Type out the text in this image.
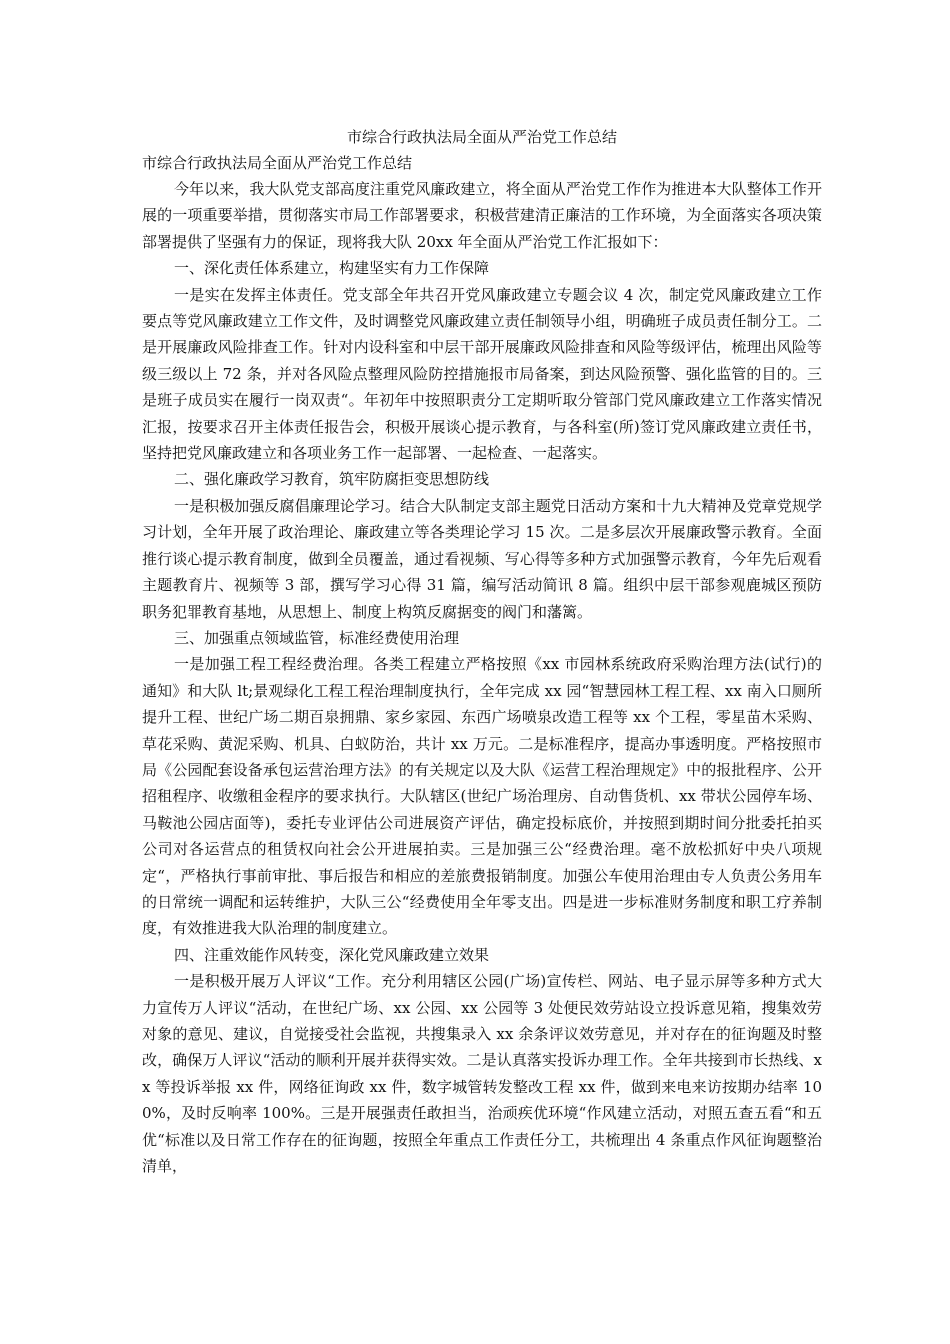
市综合行政执法局全面从严治党工作总结

市综合行政执法局全面从严治党工作总结

今年以来，我大队党支部高度注重党风廉政建立，将全面从严治党工作作为推进本大队整体工作开展的一项重要举措，贯彻落实市局工作部署要求，积极营建清正廉洁的工作环境，为全面落实各项决策部署提供了坚强有力的保证，现将我大队 20xx 年全面从严治党工作汇报如下：

一、深化责任体系建立，构建坚实有力工作保障

一是实在发挥主体责任。党支部全年共召开党风廉政建立专题会议 4 次，制定党风廉政建立工作要点等党风廉政建立工作文件，及时调整党风廉政建立责任制领导小组，明确班子成员责任制分工。二是开展廉政风险排查工作。针对内设科室和中层干部开展廉政风险排查和风险等级评估，梳理出风险等级三级以上 72 条，并对各风险点整理风险防控措施报市局备案，到达风险预警、强化监管的目的。三是班子成员实在履行一岗双责“。年初年中按照职责分工定期听取分管部门党风廉政建立工作落实情况汇报，按要求召开主体责任报告会，积极开展谈心提示教育，与各科室(所)签订党风廉政建立责任书，坚持把党风廉政建立和各项业务工作一起部署、一起检查、一起落实。

二、强化廉政学习教育，筑牢防腐拒变思想防线

一是积极加强反腐倡廉理论学习。结合大队制定支部主题党日活动方案和十九大精神及党章党规学习计划，全年开展了政治理论、廉政建立等各类理论学习 15 次。二是多层次开展廉政警示教育。全面推行谈心提示教育制度，做到全员覆盖，通过看视频、写心得等多种方式加强警示教育，今年先后观看主题教育片、视频等 3 部，撰写学习心得 31 篇，编写活动简讯 8 篇。组织中层干部参观鹿城区预防职务犯罪教育基地，从思想上、制度上构筑反腐据变的阀门和藩篱。

三、加强重点领域监管，标准经费使用治理

一是加强工程工程经费治理。各类工程建立严格按照《xx 市园林系统政府采购治理方法(试行)的通知》和大队 lt;景观绿化工程工程治理制度执行，全年完成 xx 园“智慧园林工程工程、xx 南入口厕所提升工程、世纪广场二期百泉拥鼎、家乡家园、东西广场喷泉改造工程等 xx 个工程，零星苗木采购、草花采购、黄泥采购、机具、白蚁防治，共计 xx 万元。二是标准程序，提高办事透明度。严格按照市局《公园配套设备承包运营治理方法》的有关规定以及大队《运营工程治理规定》中的报批程序、公开招租程序、收缴租金程序的要求执行。大队辖区(世纪广场治理房、自动售货机、xx 带状公园停车场、马鞍池公园店面等)，委托专业评估公司进展资产评估，确定投标底价，并按照到期时间分批委托拍买公司对各运营点的租赁权向社会公开进展拍卖。三是加强三公“经费治理。毫不放松抓好中央八项规定“，严格执行事前审批、事后报告和相应的差旅费报销制度。加强公车使用治理由专人负责公务用车的日常统一调配和运转维护，大队三公“经费使用全年零支出。四是进一步标准财务制度和职工疗养制度，有效推进我大队治理的制度建立。

四、注重效能作风转变，深化党风廉政建立效果

一是积极开展万人评议“工作。充分利用辖区公园(广场)宣传栏、网站、电子显示屏等多种方式大力宣传万人评议“活动，在世纪广场、xx 公园、xx 公园等 3 处便民效劳站设立投诉意见箱，搜集效劳对象的意见、建议，自觉接受社会监视，共搜集录入 xx 余条评议效劳意见，并对存在的征询题及时整改，确保万人评议“活动的顺利开展并获得实效。二是认真落实投诉办理工作。全年共接到市长热线、xx 等投诉举报 xx 件，网络征询政 xx 件，数字城管转发整改工程 xx 件，做到来电来访按期办结率 100%，及时反响率 100%。三是开展强责任敢担当，治顽疾优环境“作风建立活动，对照五查五看“和五优“标准以及日常工作存在的征询题，按照全年重点工作责任分工，共梳理出 4 条重点作风征询题整治清单，
